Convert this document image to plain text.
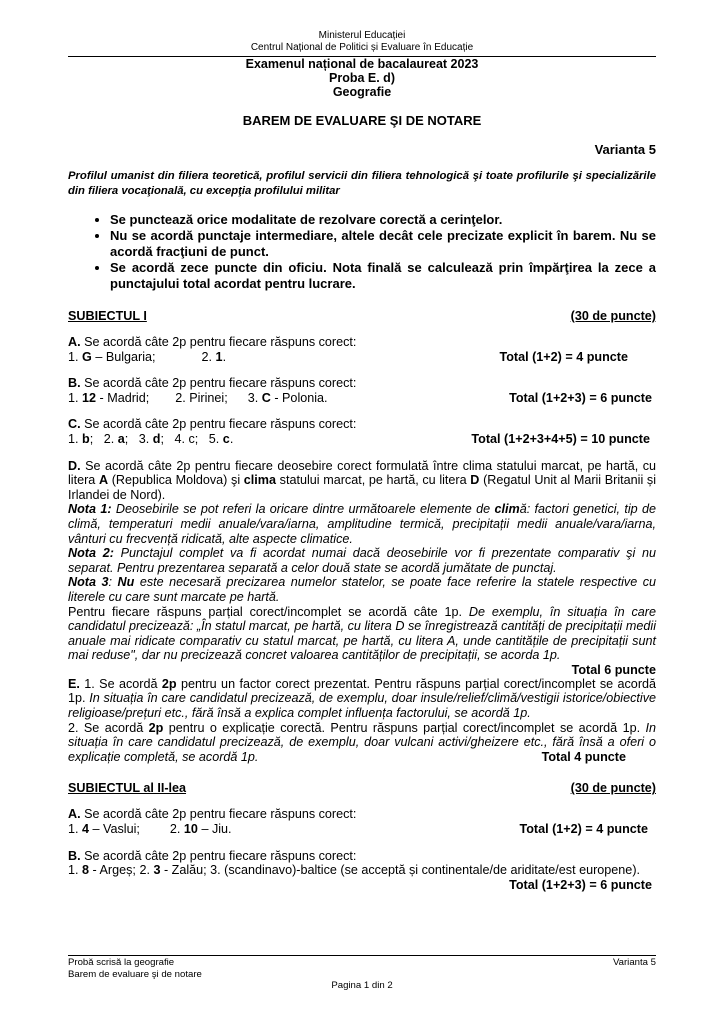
Ministerul Educației
Centrul Național de Politici și Evaluare în Educație
Examenul național de bacalaureat 2023
Proba E. d)
Geografie
BAREM DE EVALUARE ŞI DE NOTARE
Varianta 5
Profilul umanist din filiera teoretică, profilul servicii din filiera tehnologică şi toate profilurile şi specializările din filiera vocaţională, cu excepţia profilului militar
• Se punctează orice modalitate de rezolvare corectă a cerinţelor.
• Nu se acordă punctaje intermediare, altele decât cele precizate explicit în barem. Nu se acordă fracţiuni de punct.
• Se acordă zece puncte din oficiu. Nota finală se calculează prin împărţirea la zece a punctajului total acordat pentru lucrare.
SUBIECTUL I	(30 de puncte)

A. Se acordă câte 2p pentru fiecare răspuns corect:

1. G – Bulgaria;	2. 1.	Total (1+2) = 4 puncte

B. Se acordă câte 2p pentru fiecare răspuns corect:

1. 12 - Madrid; 2. Pirinei; 3. C - Polonia.	Total (1+2+3) = 6 puncte

C. Se acordă câte 2p pentru fiecare răspuns corect:

1. b;   2. a;   3. d;   4. c; 5. c.	Total (1+2+3+4+5) = 10 puncte

D. Se acordă câte 2p pentru fiecare deosebire corect formulată între clima statului marcat, pe hartă, cu litera A (Republica Moldova) şi clima statului marcat, pe hartă, cu litera D (Regatul Unit al Marii Britanii și Irlandei de Nord).

Nota 1: Deosebirile se pot referi la oricare dintre următoarele elemente de climă: factori genetici, tip de climă, temperaturi medii anuale/vara/iarna, amplitudine termică, precipitații medii anuale/vara/iarna, vânturi cu frecvență ridicată, alte aspecte climatice.

Nota 2: Punctajul complet va fi acordat numai dacă deosebirile vor fi prezentate comparativ şi nu separat. Pentru prezentarea separată a celor două state se acordă jumătate de punctaj.

Nota 3: Nu este necesară precizarea numelor statelor, se poate face referire la statele respective cu literele cu care sunt marcate pe hartă.

Pentru fiecare răspuns parțial corect/incomplet se acordă câte 1p. De exemplu, în situația în care candidatul precizează: „În statul marcat, pe hartă, cu litera D se înregistrează cantități de precipitații medii anuale mai ridicate comparativ cu statul marcat, pe hartă, cu litera A, unde cantitățile de precipitații sunt mai reduse", dar nu precizează concret valoarea cantităților de precipitații, se acorda 1p.

Total 6 puncte

E. 1. Se acordă 2p pentru un factor corect prezentat. Pentru răspuns parțial corect/incomplet se acordă 1p. In situația în care candidatul precizează, de exemplu, doar insule/relief/climă/vestigii istorice/obiective religioase/prețuri etc., fără însă a explica complet influența factorului, se acordă 1p.

2. Se acordă 2p pentru o explicație corectă. Pentru răspuns parțial corect/incomplet se acordă 1p. In situația în care candidatul precizează, de exemplu, doar vulcani activi/gheizere etc., fără însă a oferi o explicație completă, se acordă 1p.	Total 4 puncte

SUBIECTUL al II-lea	(30 de puncte)

A. Se acordă câte 2p pentru fiecare răspuns corect:

1. 4 – Vaslui; 2. 10 – Jiu.	Total (1+2) = 4 puncte

B. Se acordă câte 2p pentru fiecare răspuns corect:

1. 8 - Argeș; 2. 3 - Zalău; 3. (scandinavo)-baltice (se acceptă și continentale/de ariditate/est europene).
Total (1+2+3) = 6 puncte

Probă scrisă la geografie	Varianta 5
Barem de evaluare şi de notare
Pagina 1 din 2
